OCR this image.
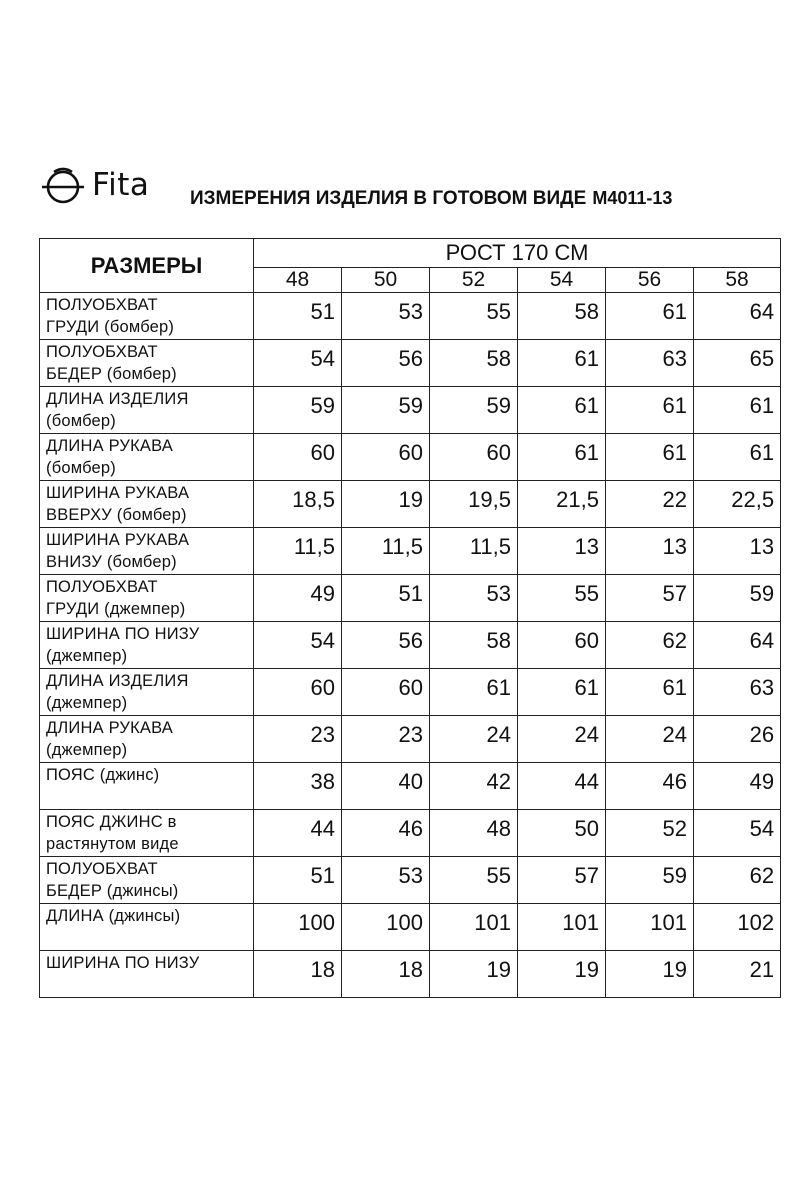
Fita ИЗМЕРЕНИЯ ИЗДЕЛИЯ В ГОТОВОМ ВИДЕ М4011-13
РАЗМЕРЫ	РОСТ 170 СМ					
	48	50	52	54	56	58
ПОЛУОБХВАТ
ГРУДИ (бомбер)	51	53	55	58	61	64
ПОЛУОБХВАТ
БЕДЕР (бомбер)	54	56	58	61	63	65
ДЛИНА ИЗДЕЛИЯ
(бомбер)	59	59	59	61	61	61
ДЛИНА РУКАВА
(бомбер)	60	60	60	61	61	61
ШИРИНА РУКАВА
ВВЕРХУ (бомбер)	18,5	19	19,5	21,5	22	22,5
ШИРИНА РУКАВА
ВНИЗУ (бомбер)	11,5	11,5	11,5	13	13	13
ПОЛУОБХВАТ
ГРУДИ (джемпер)	49	51	53	55	57	59
ШИРИНА ПО НИЗУ
(джемпер)	54	56	58	60	62	64
ДЛИНА ИЗДЕЛИЯ
(джемпер)	60	60	61	61	61	63
ДЛИНА РУКАВА
(джемпер)	23	23	24	24	24	26
ПОЯС (джинс)	38	40	42	44	46	49
ПОЯС ДЖИНС в
растянутом виде	44	46	48	50	52	54
ПОЛУОБХВАТ
БЕДЕР (джинсы)	51	53	55	57	59	62
ДЛИНА (джинсы)	100	100	101	101	101	102
ШИРИНА ПО НИЗУ	18	18	19	19	19	21
